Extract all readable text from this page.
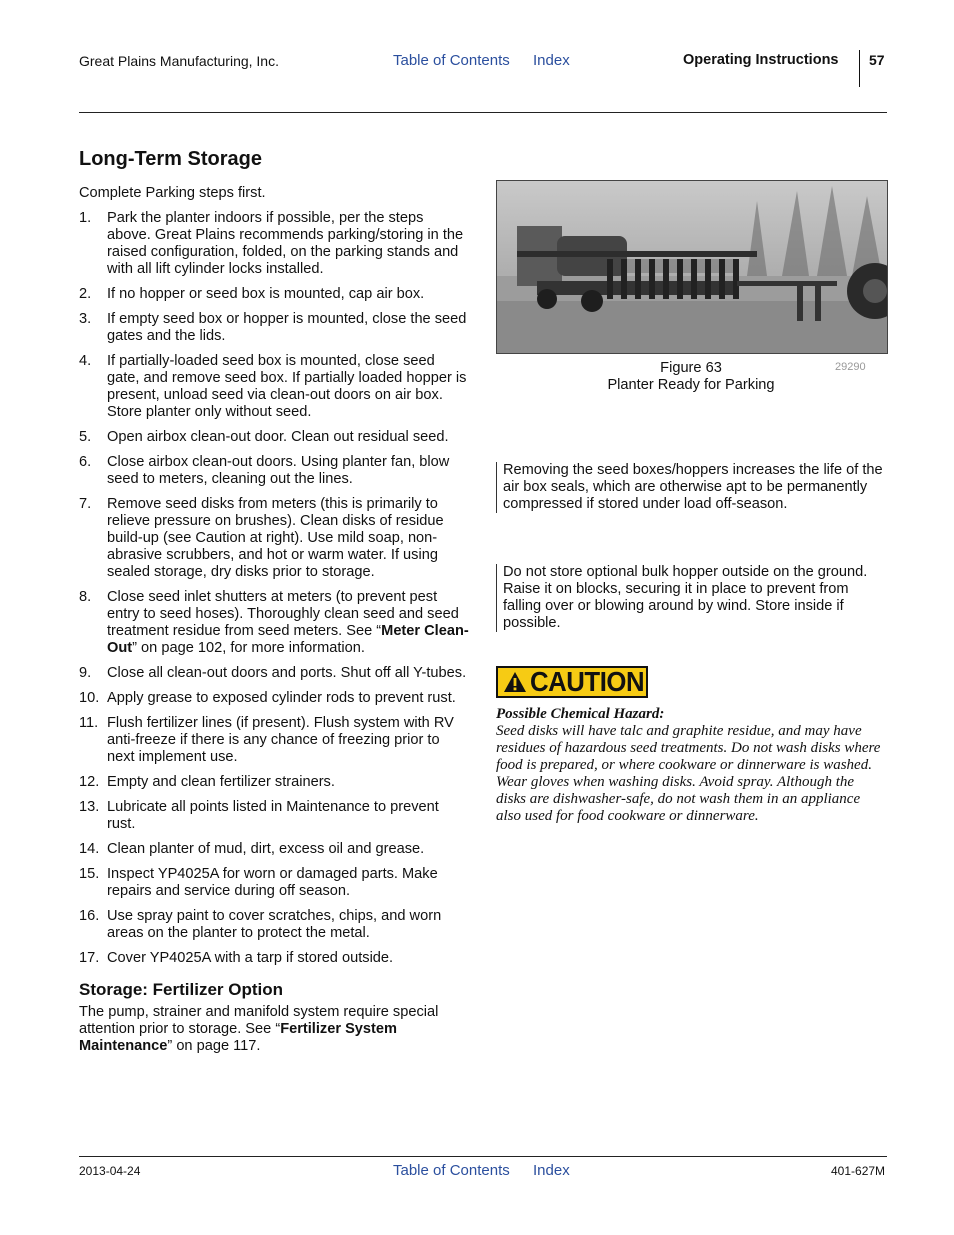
Great Plains Manufacturing, Inc.	Table of Contents Index	Operating Instructions 57
Long-Term Storage
Complete Parking steps first.
1. Park the planter indoors if possible, per the steps above. Great Plains recommends parking/storing in the raised configuration, folded, on the parking stands and with all lift cylinder locks installed.
2. If no hopper or seed box is mounted, cap air box.
3. If empty seed box or hopper is mounted, close the seed gates and the lids.
4. If partially-loaded seed box is mounted, close seed gate, and remove seed box. If partially loaded hopper is present, unload seed via clean-out doors on air box. Store planter only without seed.
5. Open airbox clean-out door. Clean out residual seed.
6. Close airbox clean-out doors. Using planter fan, blow seed to meters, cleaning out the lines.
7. Remove seed disks from meters (this is primarily to relieve pressure on brushes). Clean disks of residue build-up (see Caution at right). Use mild soap, non-abrasive scrubbers, and hot or warm water. If using sealed storage, dry disks prior to storage.
8. Close seed inlet shutters at meters (to prevent pest entry to seed hoses). Thoroughly clean seed and seed treatment residue from seed meters. See “Meter Clean-Out” on page 102, for more information.
9. Close all clean-out doors and ports. Shut off all Y-tubes.
10. Apply grease to exposed cylinder rods to prevent rust.
11. Flush fertilizer lines (if present). Flush system with RV anti-freeze if there is any chance of freezing prior to next implement use.
12. Empty and clean fertilizer strainers.
13. Lubricate all points listed in Maintenance to prevent rust.
14. Clean planter of mud, dirt, excess oil and grease.
15. Inspect YP4025A for worn or damaged parts. Make repairs and service during off season.
16. Use spray paint to cover scratches, chips, and worn areas on the planter to protect the metal.
17. Cover YP4025A with a tarp if stored outside.
Storage: Fertilizer Option
The pump, strainer and manifold system require special attention prior to storage. See “Fertilizer System Maintenance” on page 117.
Figure 63
Planter Ready for Parking
29290
Removing the seed boxes/hoppers increases the life of the air box seals, which are otherwise apt to be permanently compressed if stored under load off-season.
Do not store optional bulk hopper outside on the ground. Raise it on blocks, securing it in place to prevent from falling over or blowing around by wind. Store inside if possible.
CAUTION
Possible Chemical Hazard:
Seed disks will have talc and graphite residue, and may have residues of hazardous seed treatments. Do not wash disks where food is prepared, or where cookware or dinnerware is washed. Wear gloves when washing disks. Avoid spray. Although the disks are dishwasher-safe, do not wash them in an appliance also used for food cookware or dinnerware.
2013-04-24	Table of Contents Index	401-627M
